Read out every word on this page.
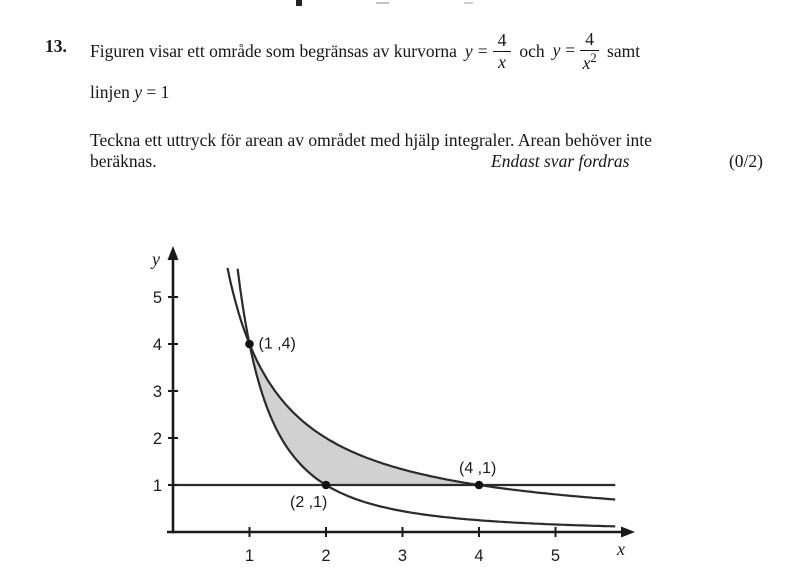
13. Figuren visar ett område som begränsas av kurvorna $y = \frac{4}{x}$ och $y = \frac{4}{x^2}$ samt
linjen y = 1
Teckna ett uttryck för arean av området med hjälp integraler. Arean behöver inte
beräknas.	Endast svar fordras	(0/2)
1	2	3	4	5
1
2
3
4
5
y
x
(1 ,4)
(2 ,1)
(4 ,1)
